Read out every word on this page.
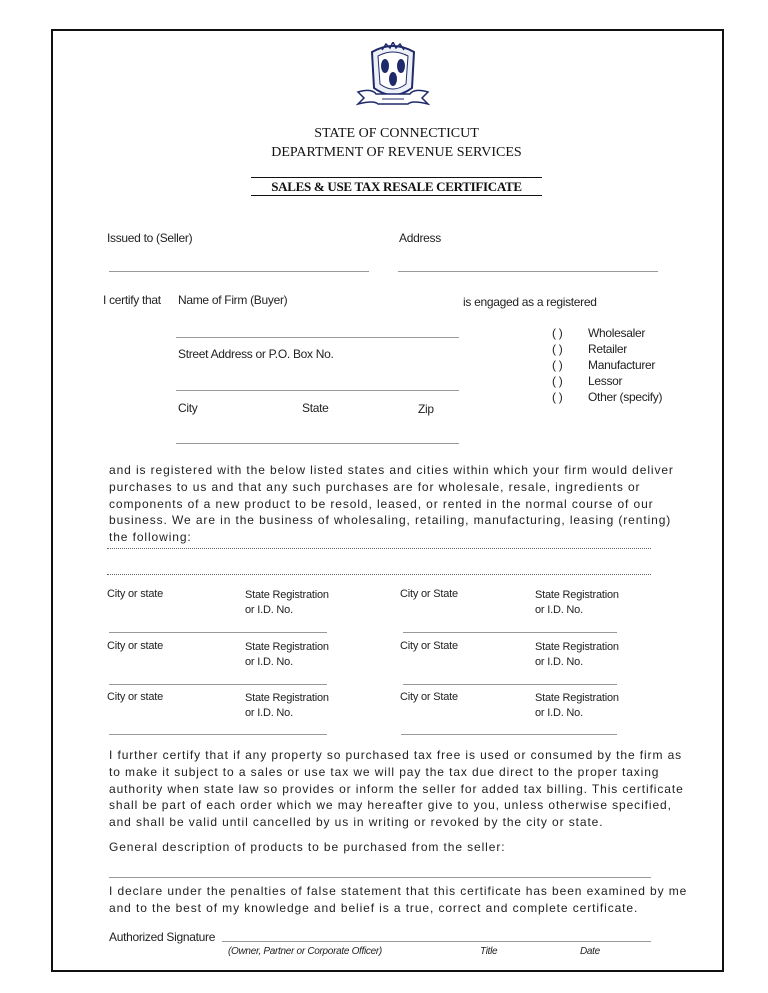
STATE OF CONNECTICUT
DEPARTMENT OF REVENUE SERVICES
SALES & USE TAX RESALE CERTIFICATE
Issued to (Seller)	Address
I certify that Name of Firm (Buyer)	is engaged as a registered
Street Address or P.O. Box No.
City	State	Zip
( ) Wholesaler
( ) Retailer
( ) Manufacturer
( ) Lessor
( ) Other (specify)
and is registered with the below listed states and cities within which your firm would deliver purchases to us and that any such purchases are for wholesale, resale, ingredients or components of a new product to be resold, leased, or rented in the normal course of our business. We are in the business of wholesaling, retailing, manufacturing, leasing (renting) the following:
City or state	State Registration
or I.D. No.
City or State	State Registration
or I.D. No.
City or state	State Registration
or I.D. No.
City or State	State Registration
or I.D. No.
City or state	State Registration
or I.D. No.
City or State	State Registration
or I.D. No.
I further certify that if any property so purchased tax free is used or consumed by the firm as to make it subject to a sales or use tax we will pay the tax due direct to the proper taxing authority when state law so provides or inform the seller for added tax billing. This certificate shall be part of each order which we may hereafter give to you, unless otherwise specified, and shall be valid until cancelled by us in writing or revoked by the city or state.
General description of products to be purchased from the seller:
I declare under the penalties of false statement that this certificate has been examined by me and to the best of my knowledge and belief is a true, correct and complete certificate.
Authorized Signature
(Owner, Partner or Corporate Officer)	Title	Date
